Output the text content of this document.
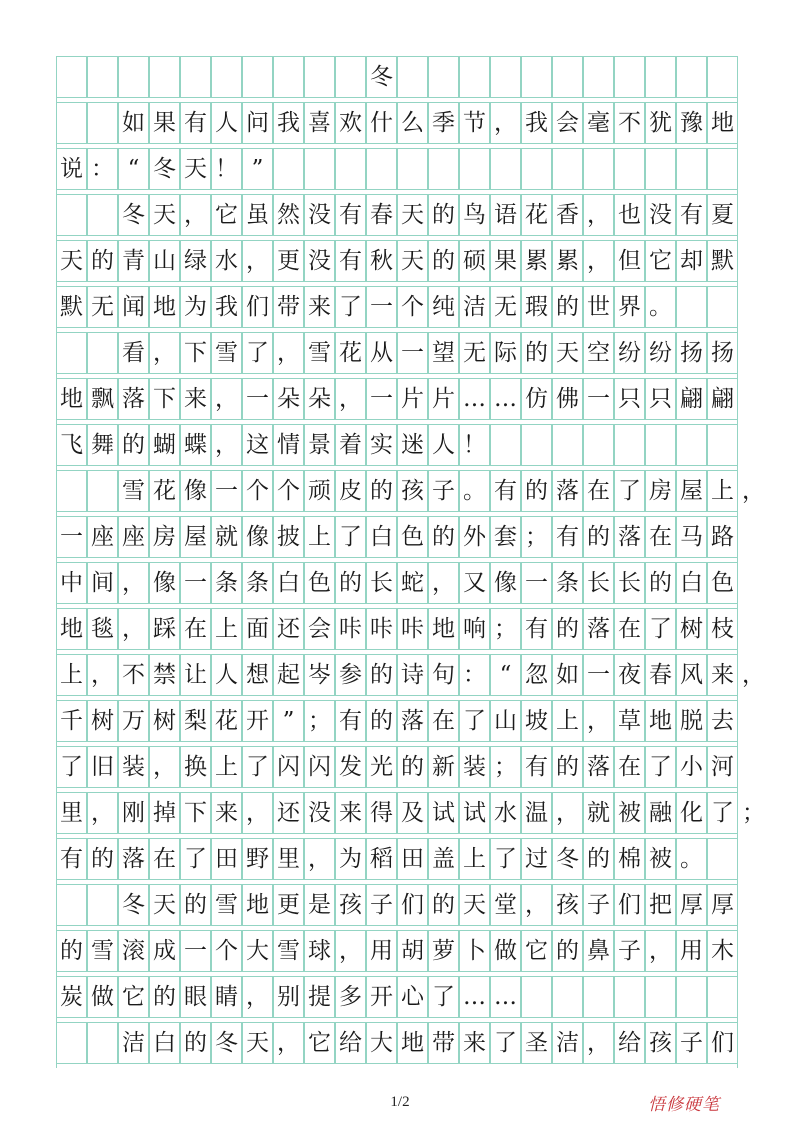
冬
如 果 有 人 问 我 喜 欢 什 么 季 节 ， 我 会 毫 不 犹 豫 地
说 ： “ 冬 天 ！ ”
冬 天 ， 它 虽 然 没 有 春 天 的 鸟 语 花 香 ， 也 没 有 夏
天 的 青 山 绿 水 ， 更 没 有 秋 天 的 硕 果 累 累 ， 但 它 却 默
默 无 闻 地 为 我 们 带 来 了 一 个 纯 洁 无 瑕 的 世 界 。
看 ， 下 雪 了 ， 雪 花 从 一 望 无 际 的 天 空 纷 纷 扬 扬
地 飘 落 下 来 ， 一 朵 朵 ， 一 片 片 … … 仿 佛 一 只 只 翩 翩
飞 舞 的 蝴 蝶 ， 这 情 景 着 实 迷 人 ！
雪 花 像 一 个 个 顽 皮 的 孩 子 。 有 的 落 在 了 房 屋 上 ，
一 座 座 房 屋 就 像 披 上 了 白 色 的 外 套 ； 有 的 落 在 马 路
中 间 ， 像 一 条 条 白 色 的 长 蛇 ， 又 像 一 条 长 长 的 白 色
地 毯 ， 踩 在 上 面 还 会 咔 咔 咔 地 响 ； 有 的 落 在 了 树 枝
上 ， 不 禁 让 人 想 起 岑 参 的 诗 句 ： “ 忽 如 一 夜 春 风 来 ，
千 树 万 树 梨 花 开 ” ； 有 的 落 在 了 山 坡 上 ， 草 地 脱 去
了 旧 装 ， 换 上 了 闪 闪 发 光 的 新 装 ； 有 的 落 在 了 小 河
里 ， 刚 掉 下 来 ， 还 没 来 得 及 试 试 水 温 ， 就 被 融 化 了 ；
有 的 落 在 了 田 野 里 ， 为 稻 田 盖 上 了 过 冬 的 棉 被 。
冬 天 的 雪 地 更 是 孩 子 们 的 天 堂 ， 孩 子 们 把 厚 厚
的 雪 滚 成 一 个 大 雪 球 ， 用 胡 萝 卜 做 它 的 鼻 子 ， 用 木
炭 做 它 的 眼 睛 ， 别 提 多 开 心 了 … …
洁 白 的 冬 天 ， 它 给 大 地 带 来 了 圣 洁 ， 给 孩 子 们
1/2	悟修硬笔
